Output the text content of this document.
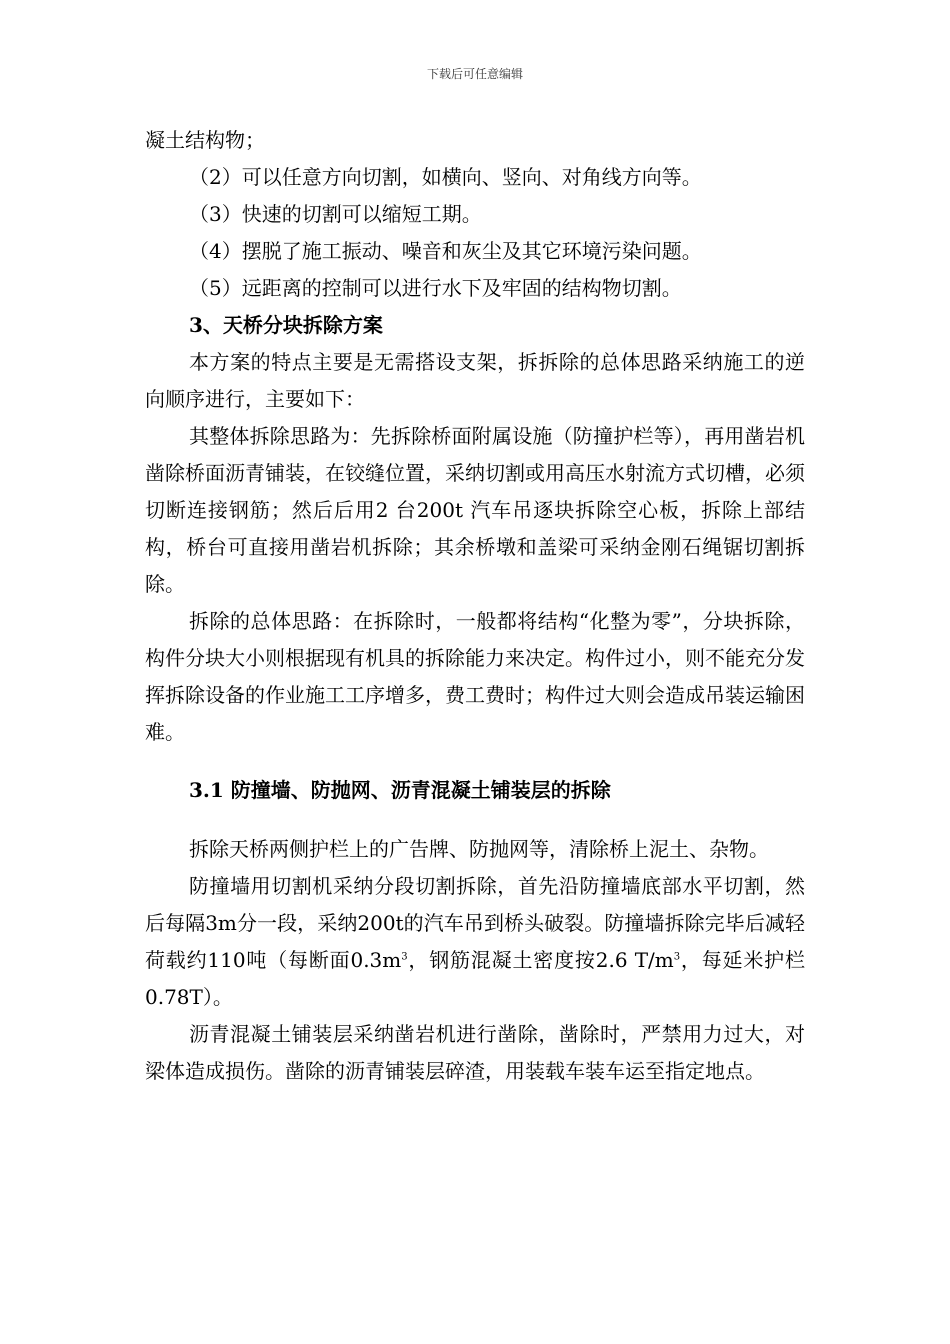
下载后可任意编辑

凝土结构物；

（2）可以任意方向切割，如横向、竖向、对角线方向等。

（3）快速的切割可以缩短工期。

（4）摆脱了施工振动、噪音和灰尘及其它环境污染问题。

（5）远距离的控制可以进行水下及牢固的结构物切割。

3、天桥分块拆除方案

本方案的特点主要是无需搭设支架，拆拆除的总体思路采纳施工的逆向顺序进行，主要如下：

其整体拆除思路为：先拆除桥面附属设施（防撞护栏等），再用凿岩机凿除桥面沥青铺装，在铰缝位置，采纳切割或用高压水射流方式切槽，必须切断连接钢筋；然后后用2 台200t 汽车吊逐块拆除空心板，拆除上部结构，桥台可直接用凿岩机拆除；其余桥墩和盖梁可采纳金刚石绳锯切割拆除。

拆除的总体思路：在拆除时，一般都将结构“化整为零”，分块拆除，构件分块大小则根据现有机具的拆除能力来决定。构件过小，则不能充分发挥拆除设备的作业施工工序增多，费工费时；构件过大则会造成吊装运输困难。

3.1 防撞墙、防抛网、沥青混凝土铺装层的拆除

拆除天桥两侧护栏上的广告牌、防抛网等，清除桥上泥土、杂物。

防撞墙用切割机采纳分段切割拆除，首先沿防撞墙底部水平切割，然后每隔3m分一段，采纳200t的汽车吊到桥头破裂。防撞墙拆除完毕后减轻荷载约110吨（每断面$0.3m^3$，钢筋混凝土密度按2.6 $T/m^3$，每延米护栏0.78T）。

沥青混凝土铺装层采纳凿岩机进行凿除，凿除时，严禁用力过大，对梁体造成损伤。凿除的沥青铺装层碎渣，用装载车装车运至指定地点。
